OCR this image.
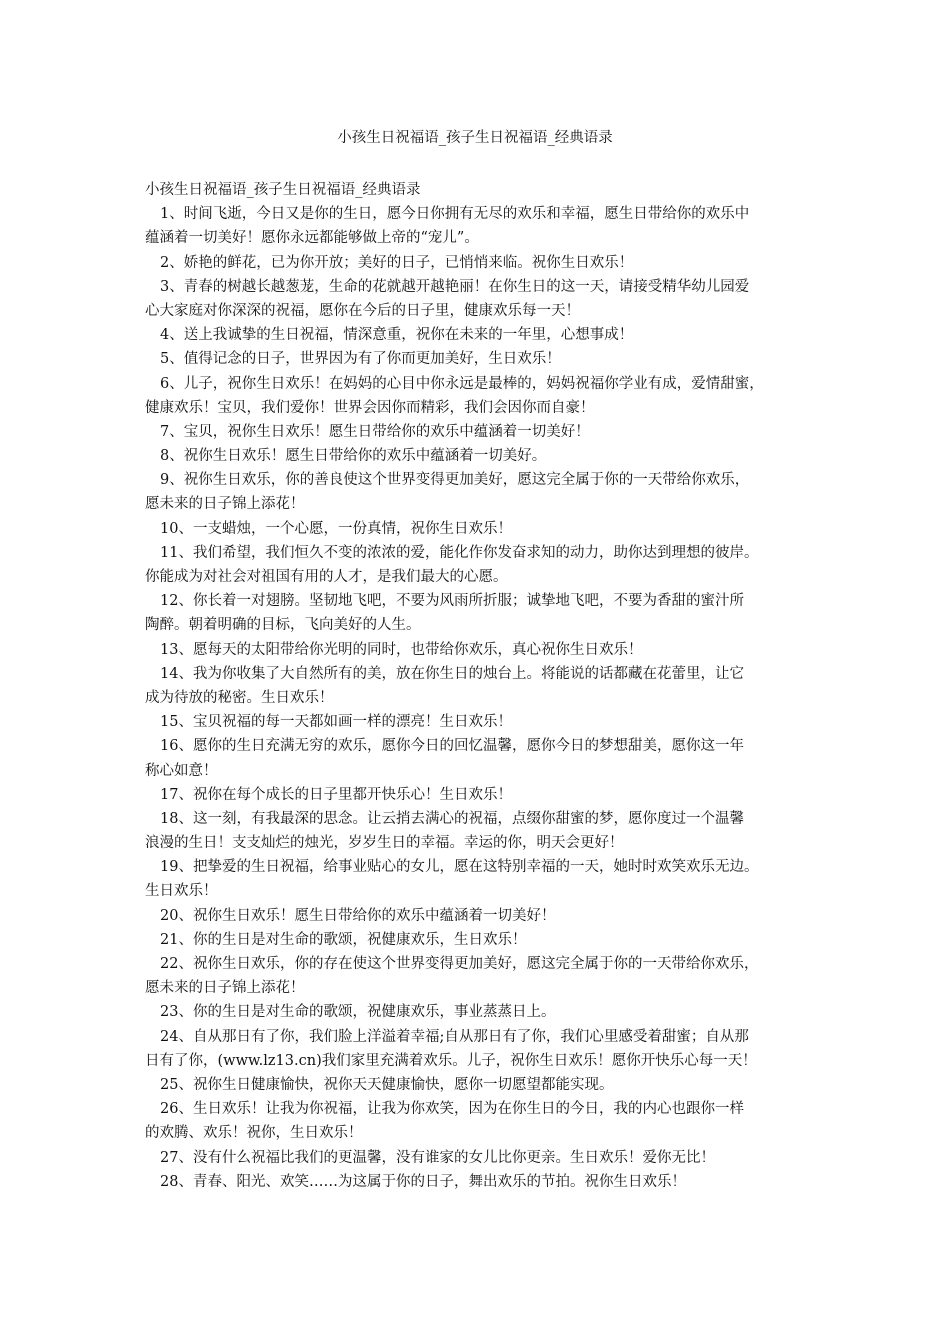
小孩生日祝福语_孩子生日祝福语_经典语录

小孩生日祝福语_孩子生日祝福语_经典语录

1、时间飞逝，今日又是你的生日，愿今日你拥有无尽的欢乐和幸福，愿生日带给你的欢乐中
蕴涵着一切美好！愿你永远都能够做上帝的“宠儿”。

2、娇艳的鲜花，已为你开放；美好的日子，已悄悄来临。祝你生日欢乐！

3、青春的树越长越葱茏，生命的花就越开越艳丽！在你生日的这一天，请接受精华幼儿园爱
心大家庭对你深深的祝福，愿你在今后的日子里，健康欢乐每一天！

4、送上我诚挚的生日祝福，情深意重，祝你在未来的一年里，心想事成！

5、值得记念的日子，世界因为有了你而更加美好，生日欢乐！

6、儿子，祝你生日欢乐！在妈妈的心目中你永远是最棒的，妈妈祝福你学业有成，爱情甜蜜，
健康欢乐！宝贝，我们爱你！世界会因你而精彩，我们会因你而自豪！

7、宝贝，祝你生日欢乐！愿生日带给你的欢乐中蕴涵着一切美好！

8、祝你生日欢乐！愿生日带给你的欢乐中蕴涵着一切美好。

9、祝你生日欢乐，你的善良使这个世界变得更加美好，愿这完全属于你的一天带给你欢乐，
愿未来的日子锦上添花！

10、一支蜡烛，一个心愿，一份真情，祝你生日欢乐！

11、我们希望，我们恒久不变的浓浓的爱，能化作你发奋求知的动力，助你达到理想的彼岸。
你能成为对社会对祖国有用的人才，是我们最大的心愿。

12、你长着一对翅膀。坚韧地飞吧，不要为风雨所折服；诚挚地飞吧，不要为香甜的蜜汁所
陶醉。朝着明确的目标，飞向美好的人生。

13、愿每天的太阳带给你光明的同时，也带给你欢乐，真心祝你生日欢乐！

14、我为你收集了大自然所有的美，放在你生日的烛台上。将能说的话都藏在花蕾里，让它
成为待放的秘密。生日欢乐！

15、宝贝祝福的每一天都如画一样的漂亮！生日欢乐！

16、愿你的生日充满无穷的欢乐，愿你今日的回忆温馨，愿你今日的梦想甜美，愿你这一年
称心如意！

17、祝你在每个成长的日子里都开快乐心！生日欢乐！

18、这一刻，有我最深的思念。让云捎去满心的祝福，点缀你甜蜜的梦，愿你度过一个温馨
浪漫的生日！支支灿烂的烛光，岁岁生日的幸福。幸运的你，明天会更好！

19、把挚爱的生日祝福，给事业贴心的女儿，愿在这特别幸福的一天，她时时欢笑欢乐无边。
生日欢乐！

20、祝你生日欢乐！愿生日带给你的欢乐中蕴涵着一切美好！

21、你的生日是对生命的歌颂，祝健康欢乐，生日欢乐！

22、祝你生日欢乐，你的存在使这个世界变得更加美好，愿这完全属于你的一天带给你欢乐，
愿未来的日子锦上添花！

23、你的生日是对生命的歌颂，祝健康欢乐，事业蒸蒸日上。

24、自从那日有了你，我们脸上洋溢着幸福;自从那日有了你，我们心里感受着甜蜜；自从那
日有了你，(www.lz13.cn)我们家里充满着欢乐。儿子，祝你生日欢乐！愿你开快乐心每一天！

25、祝你生日健康愉快，祝你天天健康愉快，愿你一切愿望都能实现。

26、生日欢乐！让我为你祝福，让我为你欢笑，因为在你生日的今日，我的内心也跟你一样
的欢腾、欢乐！祝你，生日欢乐！

27、没有什么祝福比我们的更温馨，没有谁家的女儿比你更亲。生日欢乐！爱你无比！

28、青春、阳光、欢笑……为这属于你的日子，舞出欢乐的节拍。祝你生日欢乐！
